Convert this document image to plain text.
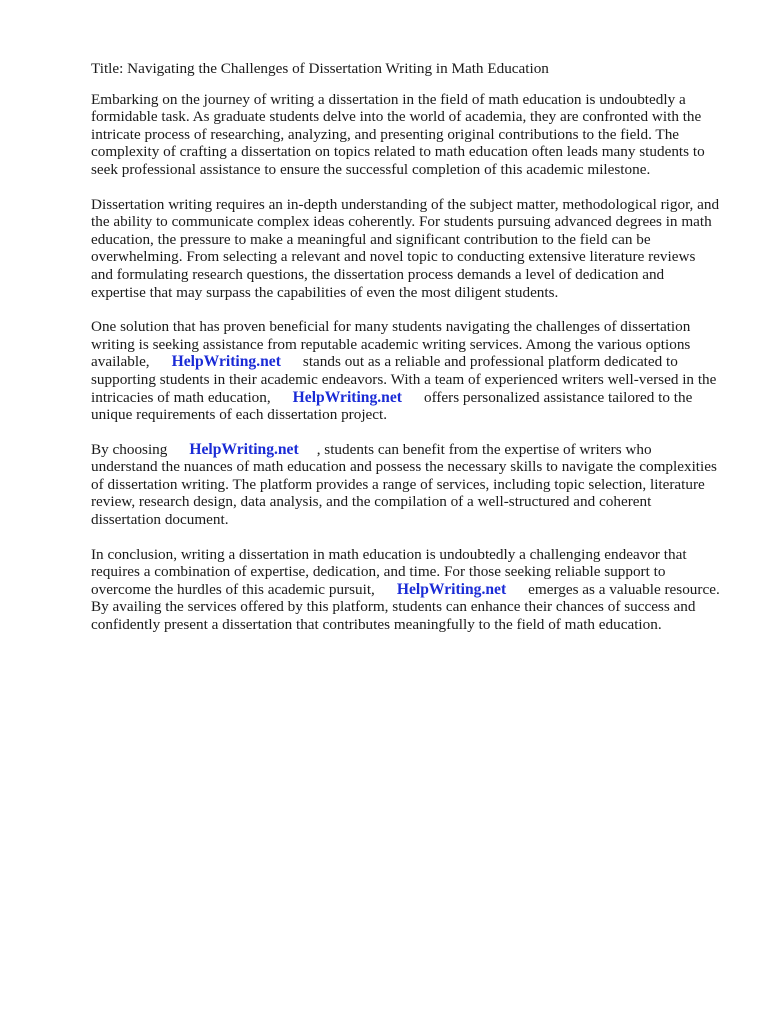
Title: Navigating the Challenges of Dissertation Writing in Math Education

Embarking on the journey of writing a dissertation in the field of math education is undoubtedly a formidable task. As graduate students delve into the world of academia, they are confronted with the intricate process of researching, analyzing, and presenting original contributions to the field. The complexity of crafting a dissertation on topics related to math education often leads many students to seek professional assistance to ensure the successful completion of this academic milestone.

Dissertation writing requires an in-depth understanding of the subject matter, methodological rigor, and the ability to communicate complex ideas coherently. For students pursuing advanced degrees in math education, the pressure to make a meaningful and significant contribution to the field can be overwhelming. From selecting a relevant and novel topic to conducting extensive literature reviews and formulating research questions, the dissertation process demands a level of dedication and expertise that may surpass the capabilities of even the most diligent students.

One solution that has proven beneficial for many students navigating the challenges of dissertation writing is seeking assistance from reputable academic writing services. Among the various options available, HelpWriting.net stands out as a reliable and professional platform dedicated to supporting students in their academic endeavors. With a team of experienced writers well-versed in the intricacies of math education, HelpWriting.net offers personalized assistance tailored to the unique requirements of each dissertation project.

By choosing HelpWriting.net , students can benefit from the expertise of writers who understand the nuances of math education and possess the necessary skills to navigate the complexities of dissertation writing. The platform provides a range of services, including topic selection, literature review, research design, data analysis, and the compilation of a well-structured and coherent dissertation document.

In conclusion, writing a dissertation in math education is undoubtedly a challenging endeavor that requires a combination of expertise, dedication, and time. For those seeking reliable support to overcome the hurdles of this academic pursuit, HelpWriting.net emerges as a valuable resource. By availing the services offered by this platform, students can enhance their chances of success and confidently present a dissertation that contributes meaningfully to the field of math education.
